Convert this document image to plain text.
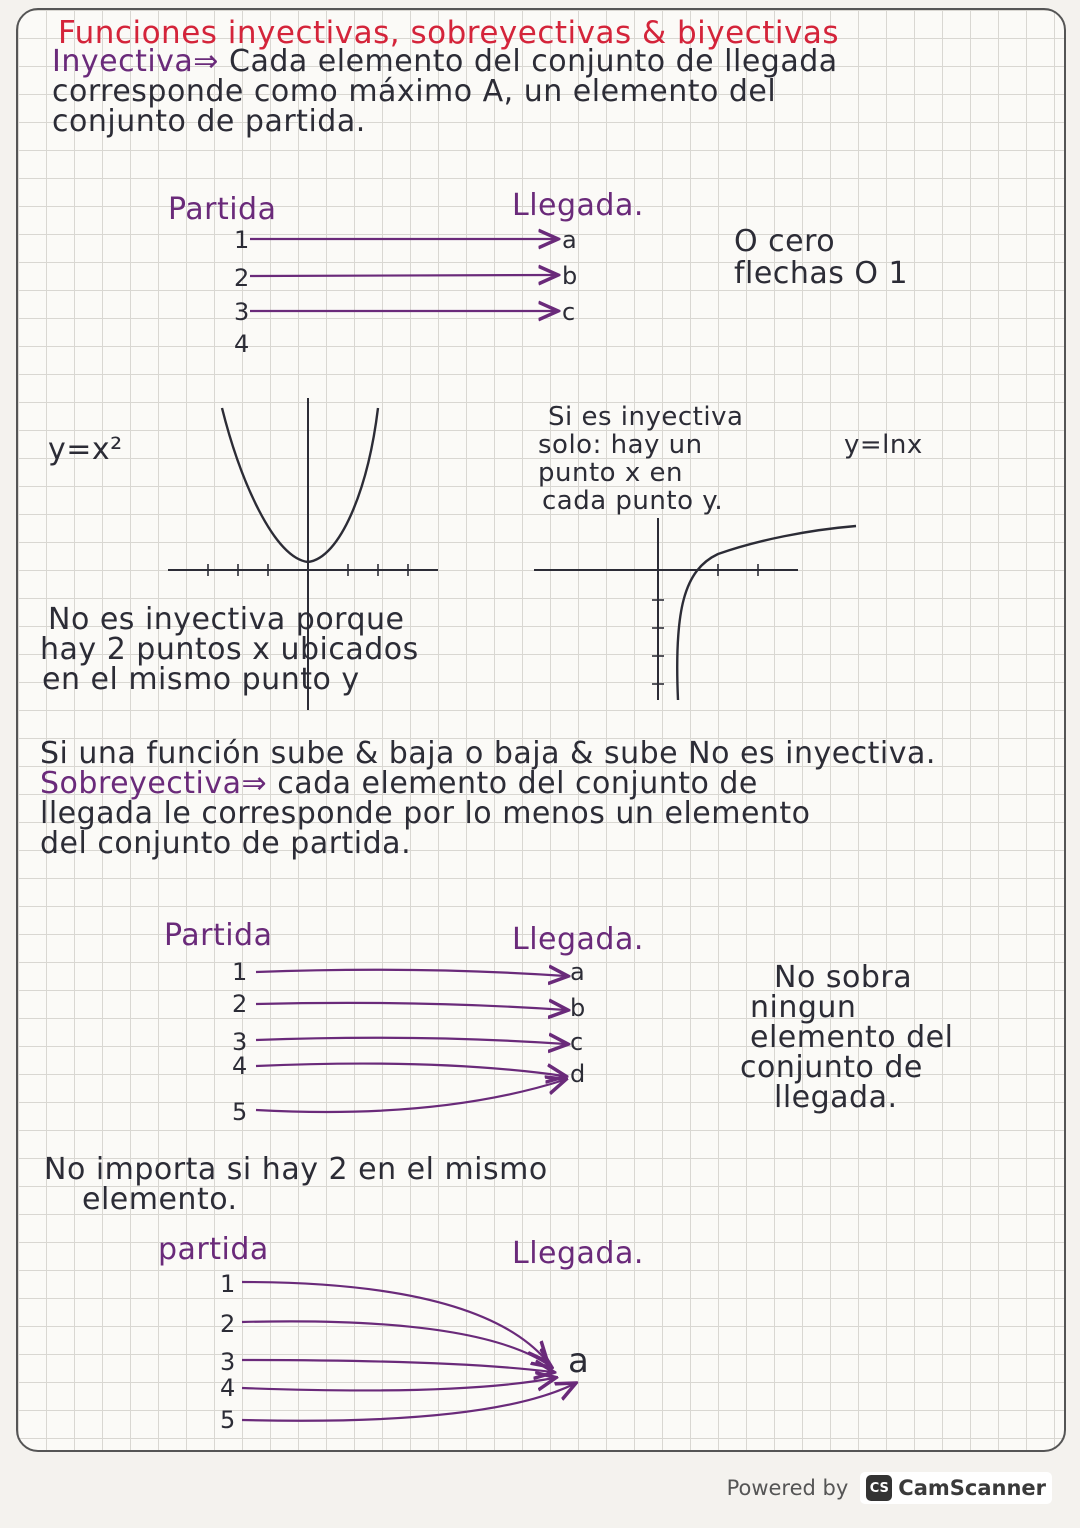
Funciones inyectivas, sobreyectivas & biyectivas
Inyectiva⇒ Cada elemento del conjunto de llegada
corresponde como máximo A, un elemento del
conjunto de partida.
Partida	Llegada.
1
2
3
4
a
b
c
O cero
flechas O 1
y=x²
Si es inyectiva
solo: hay un
punto x en
cada punto y.
y=lnx
No es inyectiva porque
hay 2 puntos x ubicados
en el mismo punto y
Si una función sube & baja o baja & sube No es inyectiva.
Sobreyectiva⇒ cada elemento del conjunto de
llegada le corresponde por lo menos un elemento
del conjunto de partida.
Partida	Llegada.
1
2
3
4
5
a
b
c
d
No sobra
ningun
elemento del
conjunto de
llegada.
No importa si hay 2 en el mismo
elemento.
partida	Llegada.
1
2
3
4
5
a
Powered by CS CamScanner
